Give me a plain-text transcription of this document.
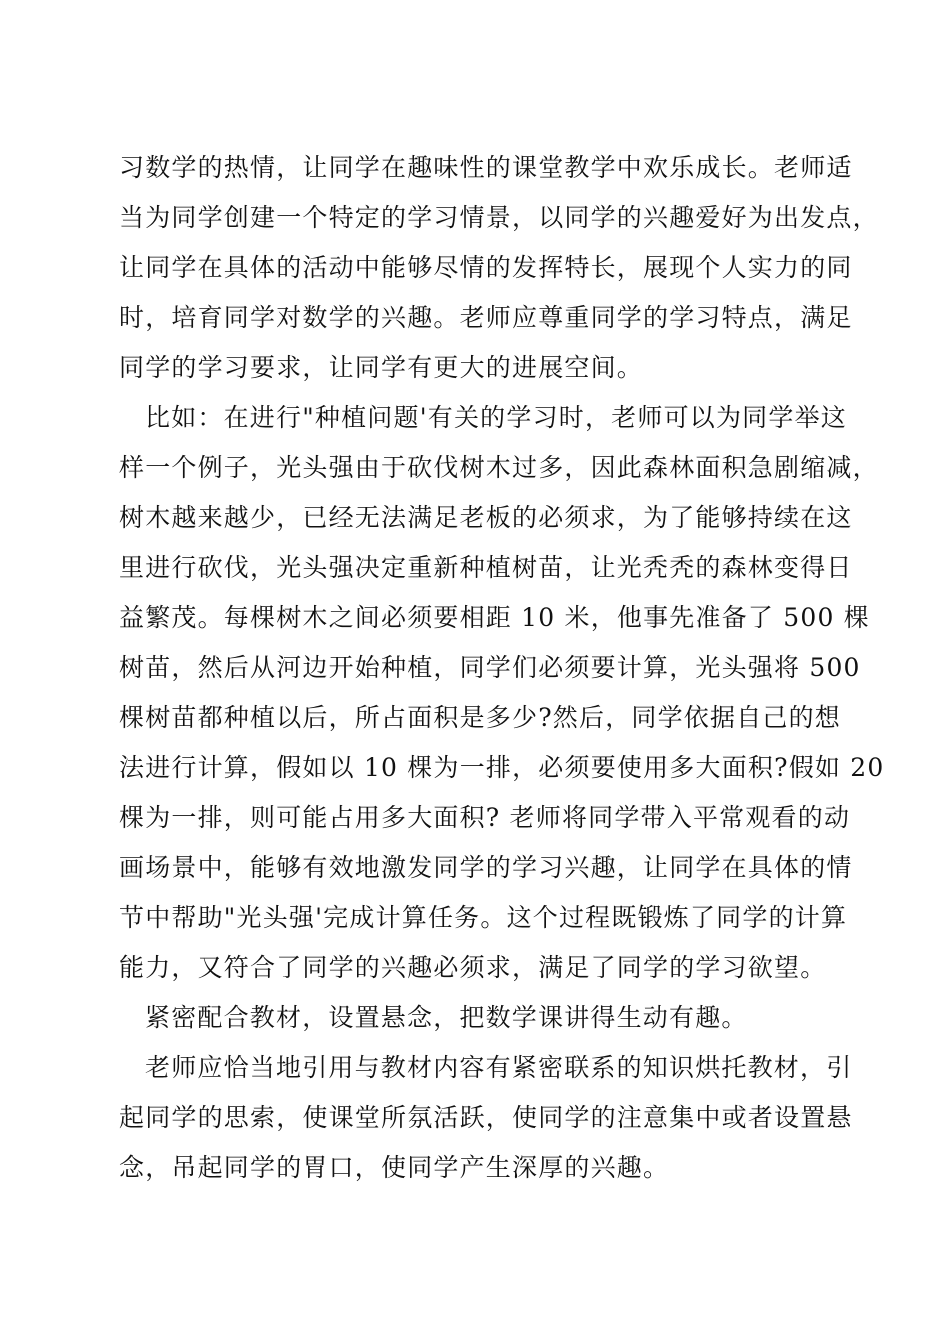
习数学的热情，让同学在趣味性的课堂教学中欢乐成长。老师适
当为同学创建一个特定的学习情景，以同学的兴趣爱好为出发点，
让同学在具体的活动中能够尽情的发挥特长，展现个人实力的同
时，培育同学对数学的兴趣。老师应尊重同学的学习特点，满足
同学的学习要求，让同学有更大的进展空间。
比如：在进行"种植问题'有关的学习时，老师可以为同学举这
样一个例子，光头强由于砍伐树木过多，因此森林面积急剧缩减，
树木越来越少，已经无法满足老板的必须求，为了能够持续在这
里进行砍伐，光头强决定重新种植树苗，让光秃秃的森林变得日
益繁茂。每棵树木之间必须要相距 10 米，他事先准备了 500 棵
树苗，然后从河边开始种植，同学们必须要计算，光头强将 500
棵树苗都种植以后，所占面积是多少?然后，同学依据自己的想
法进行计算，假如以 10 棵为一排，必须要使用多大面积?假如 20
棵为一排，则可能占用多大面积? 老师将同学带入平常观看的动
画场景中，能够有效地激发同学的学习兴趣，让同学在具体的情
节中帮助"光头强'完成计算任务。这个过程既锻炼了同学的计算
能力，又符合了同学的兴趣必须求，满足了同学的学习欲望。
紧密配合教材，设置悬念，把数学课讲得生动有趣。
老师应恰当地引用与教材内容有紧密联系的知识烘托教材，引
起同学的思索，使课堂所氛活跃，使同学的注意集中或者设置悬
念，吊起同学的胃口，使同学产生深厚的兴趣。
